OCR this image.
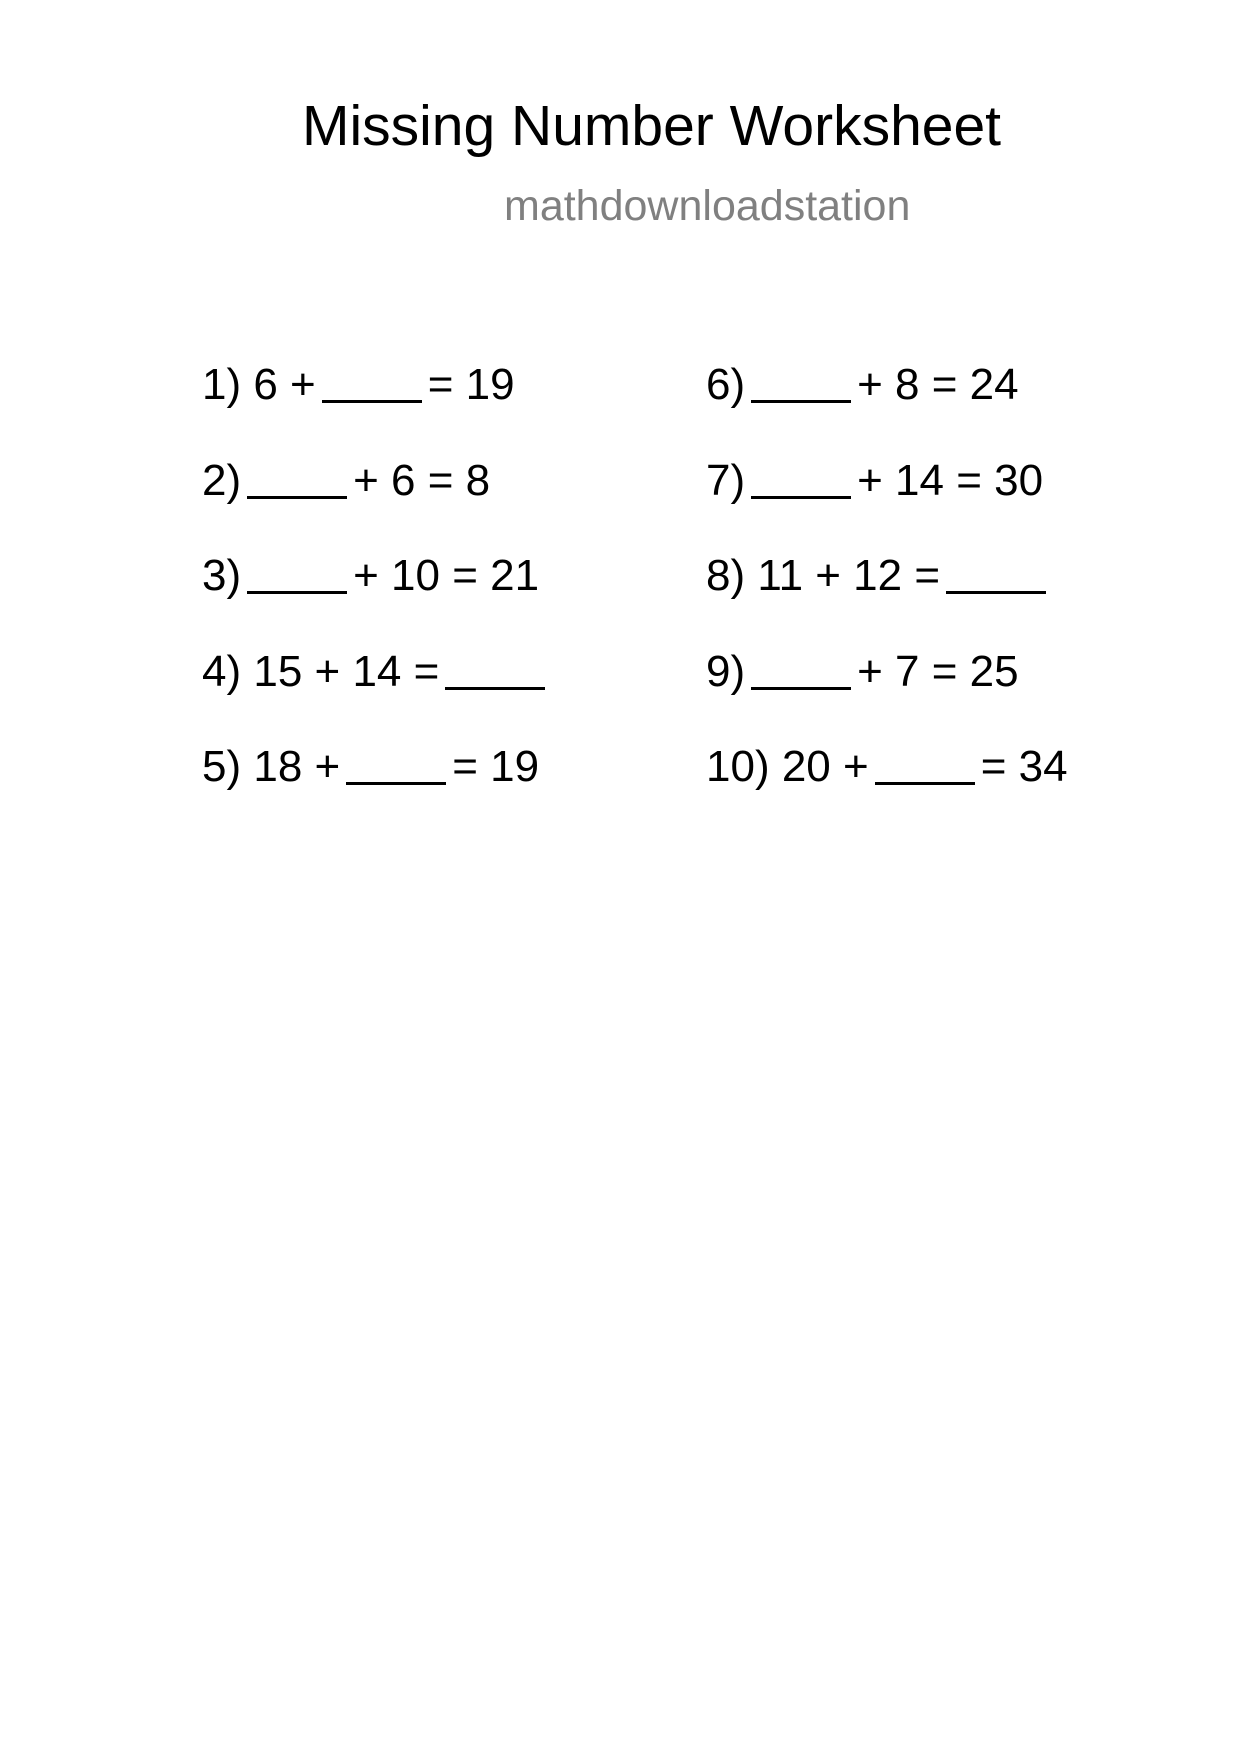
Missing Number Worksheet
mathdownloadstation
1) 6 +	= 19
2)	+ 6 = 8
3)	+ 10 = 21
4) 15 + 14 =
5) 18 +	= 19
6)	+ 8 = 24
7)	+ 14 = 30
8) 11 + 12 =
9)	+ 7 = 25
10) 20 +	= 34
